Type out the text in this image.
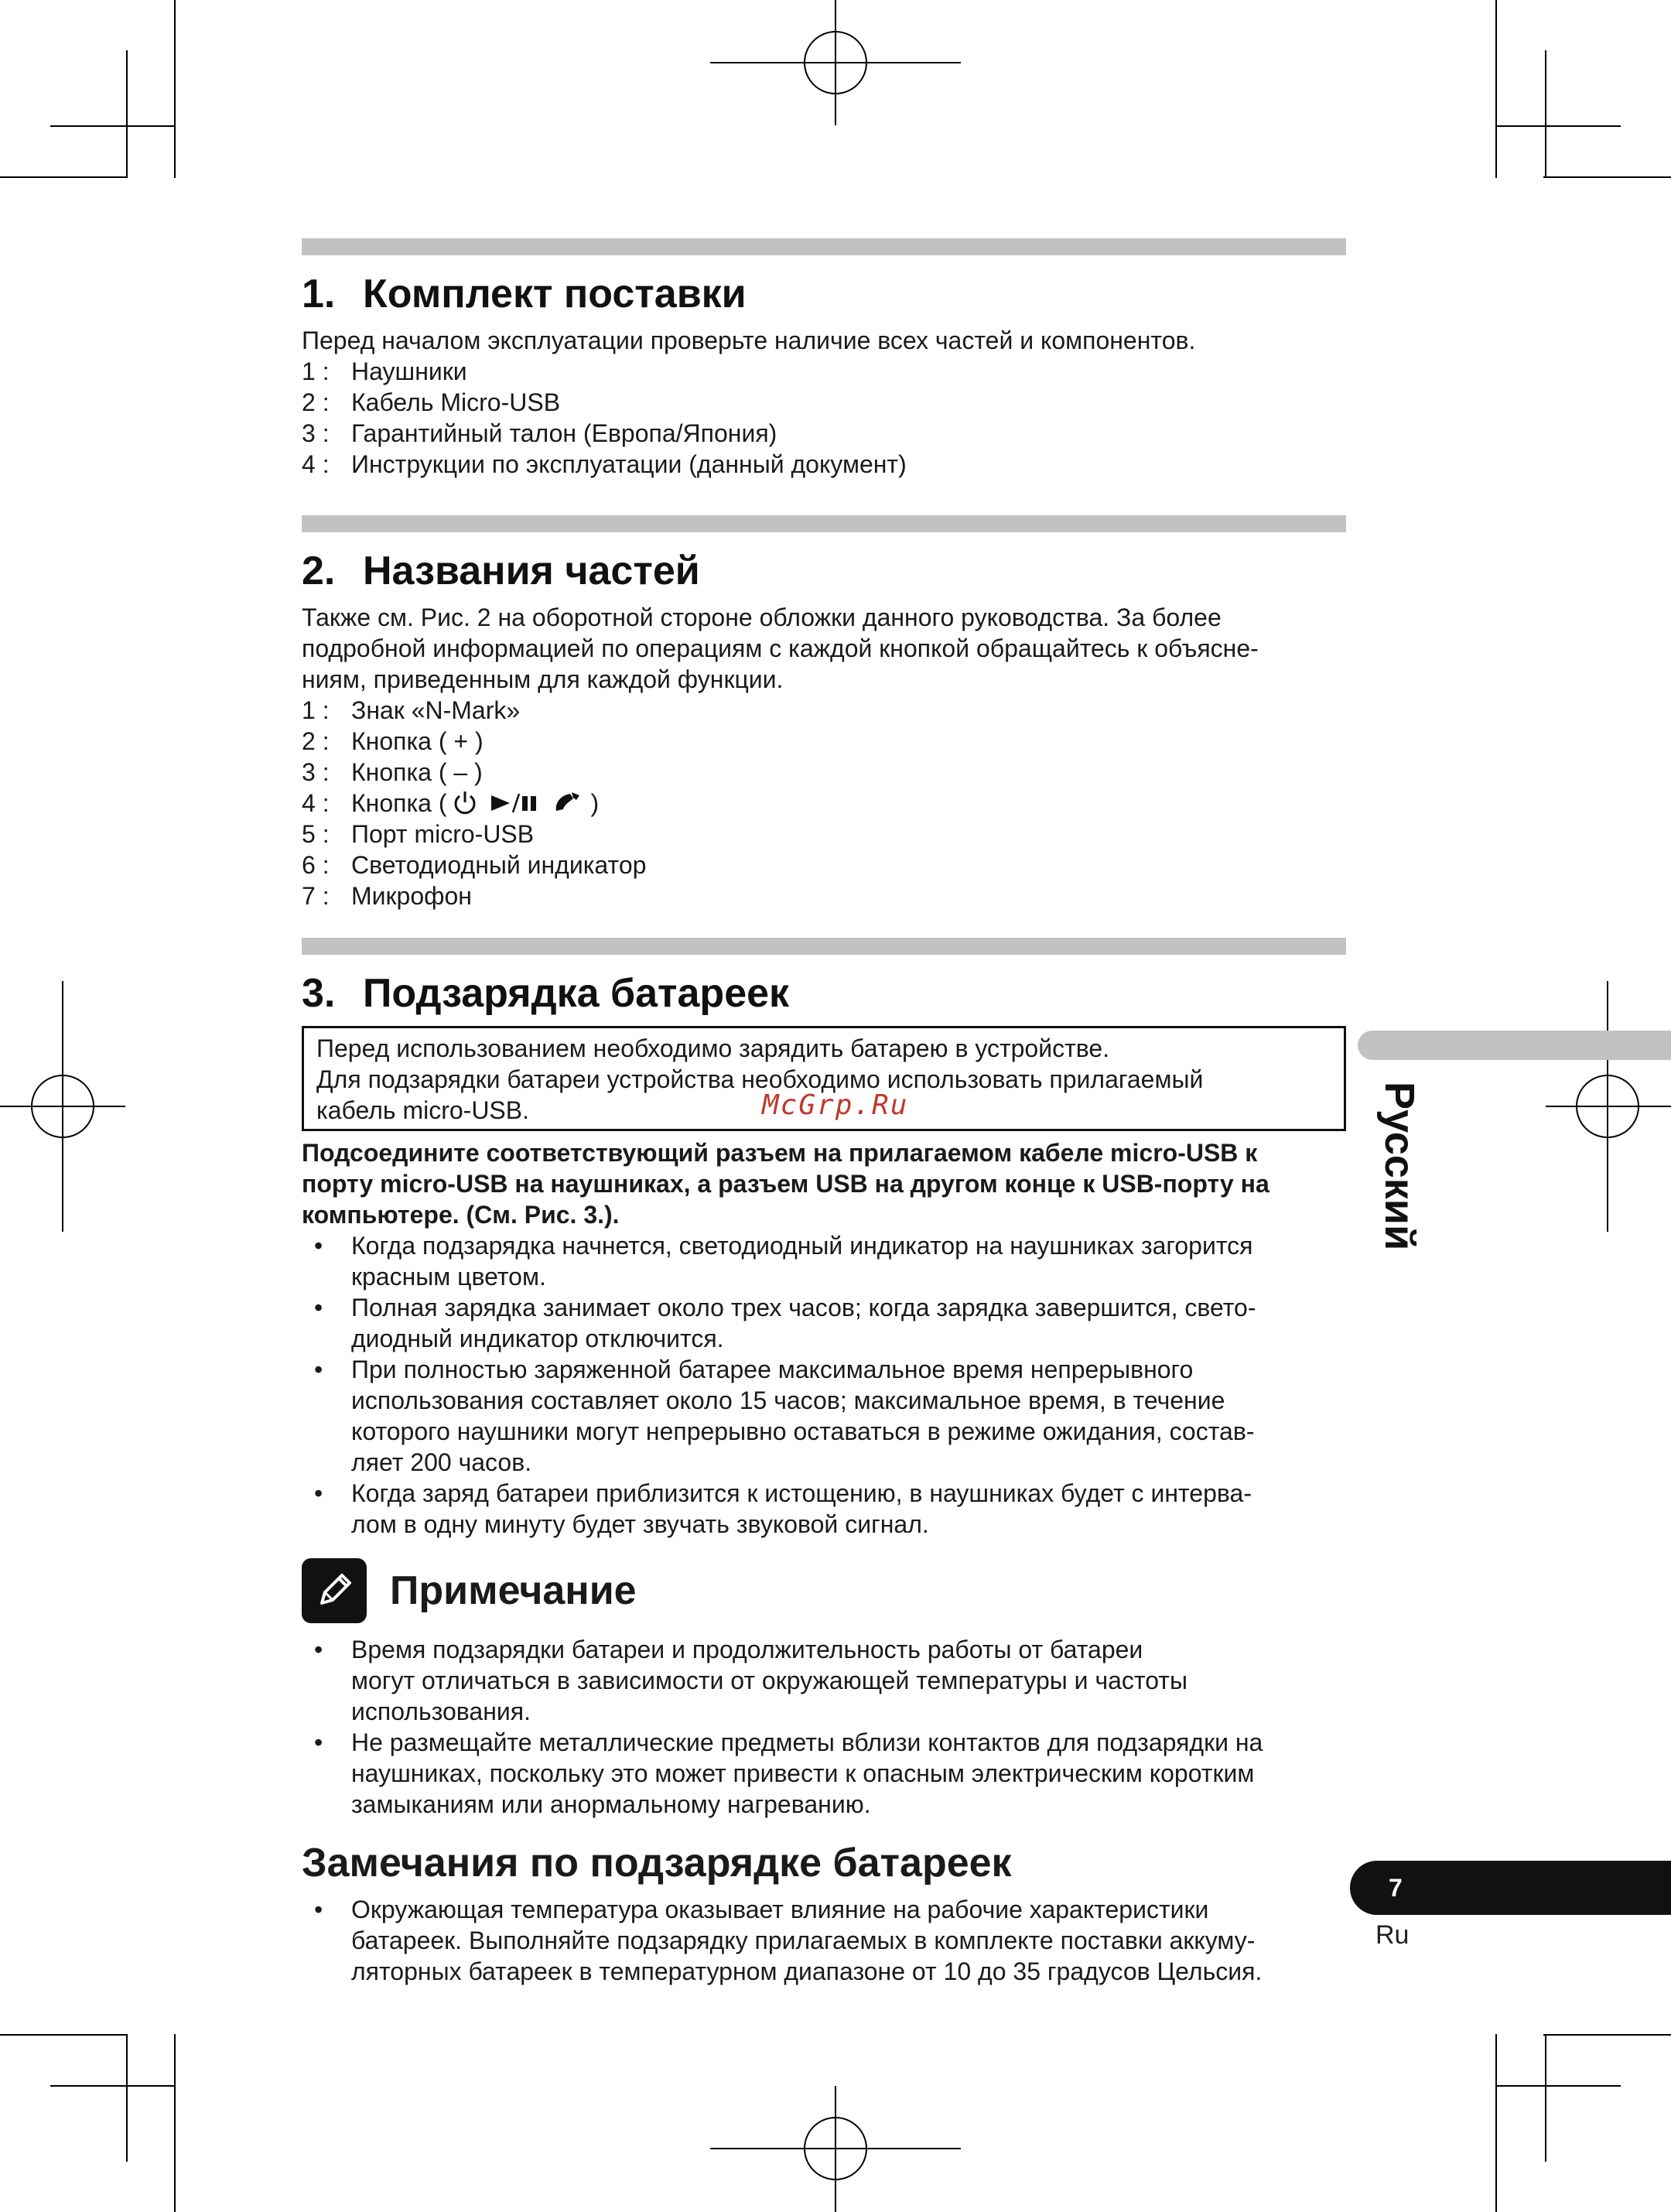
1. Комплект поставки

Перед началом эксплуатации проверьте наличие всех частей и компонентов.

1 : Наушники
2 : Кабель Micro-USB
3 : Гарантийный талон (Европа/Япония)
4 : Инструкции по эксплуатации (данный документ)
2. Названия частей

Также см. Рис. 2 на оборотной стороне обложки данного руководства. За более

подробной информацией по операциям с каждой кнопкой обращайтесь к объясне-

ниям, приведенным для каждой функции.

1 : Знак «N-Mark»
2 : Кнопка ( + )
3 : Кнопка ( – )
4 : Кнопка (	)
5 : Порт micro-USB
6 : Светодиодный индикатор
7 : Микрофон
3. Подзарядка батареек

Перед использованием необходимо зарядить батарею в устройстве.

Для подзарядки батареи устройства необходимо использовать прилагаемый

кабель micro-USB.

Подсоедините соответствующий разъем на прилагаемом кабеле micro-USB к

порту micro-USB на наушниках, а разъем USB на другом конце к USB-порту на

компьютере. (См. Рис. 3.).

•	Когда подзарядка начнется, светодиодный индикатор на наушниках загорится
красным цветом.
•	Полная зарядка занимает около трех часов; когда зарядка завершится, свето-
диодный индикатор отключится.
•	При полностью заряженной батарее максимальное время непрерывного
использования составляет около 15 часов; максимальное время, в течение
которого наушники могут непрерывно оставаться в режиме ожидания, состав-
ляет 200 часов.
•	Когда заряд батареи приблизится к истощению, в наушниках будет с интерва-
лом в одну минуту будет звучать звуковой сигнал.
Примечание
•	Время подзарядки батареи и продолжительность работы от батареи
могут отличаться в зависимости от окружающей температуры и частоты
использования.
•	Не размещайте металлические предметы вблизи контактов для подзарядки на
наушниках, поскольку это может привести к опасным электрическим коротким
замыканиям или анормальному нагреванию.
Замечания по подзарядке батареек
•	Окружающая температура оказывает влияние на рабочие характеристики
батареек. Выполняйте подзарядку прилагаемых в комплекте поставки аккуму-
ляторных батареек в температурном диапазоне от 10 до 35 градусов Цельсия.
McGrp.Ru	Русский
7
Ru
